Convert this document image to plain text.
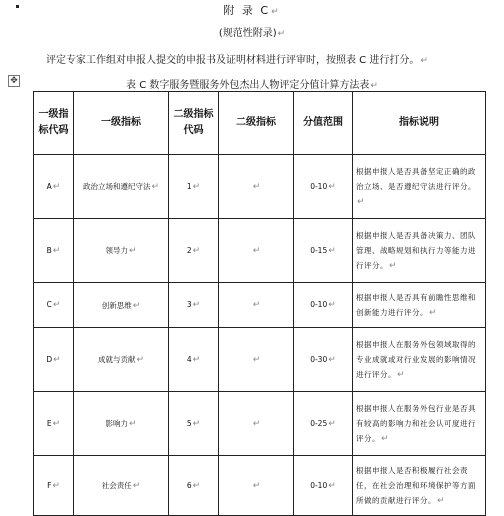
附 录 C↵
(规范性附录)↵
评定专家工作组对申报人提交的申报书及证明材料进行评审时，按照表 C 进行打分。↵
✥	表 C 数字服务暨服务外包杰出人物评定分值计算方法表↵
一级指标代码	一级指标	二级指标代码	二级指标	分值范围	指标说明
A↵	政治立场和遵纪守法↵	1↵	↵	0-10↵	根据申报人是否具备坚定正确的政治立场、是否遵纪守法进行评分。↵
B↵	领导力↵	2↵	↵	0-15↵	根据申报人是否具备决策力、团队管理、战略规划和执行力等能力进行评分。↵
C↵	创新思维↵	3↵	↵	0-10↵	根据申报人是否具有前瞻性思维和创新能力进行评分。↵
D↵	成就与贡献↵	4↵	↵	0-30↵	根据申报人在服务外包领域取得的专业成就或对行业发展的影响情况进行评分。↵
E↵	影响力↵	5↵	↵	0-25↵	根据申报人在服务外包行业是否具有较高的影响力和社会认可度进行评分。↵
F↵	社会责任↵	6↵	↵	0-10↵	根据申报人是否积极履行社会责任，在社会治理和环境保护等方面所做的贡献进行评分。↵
